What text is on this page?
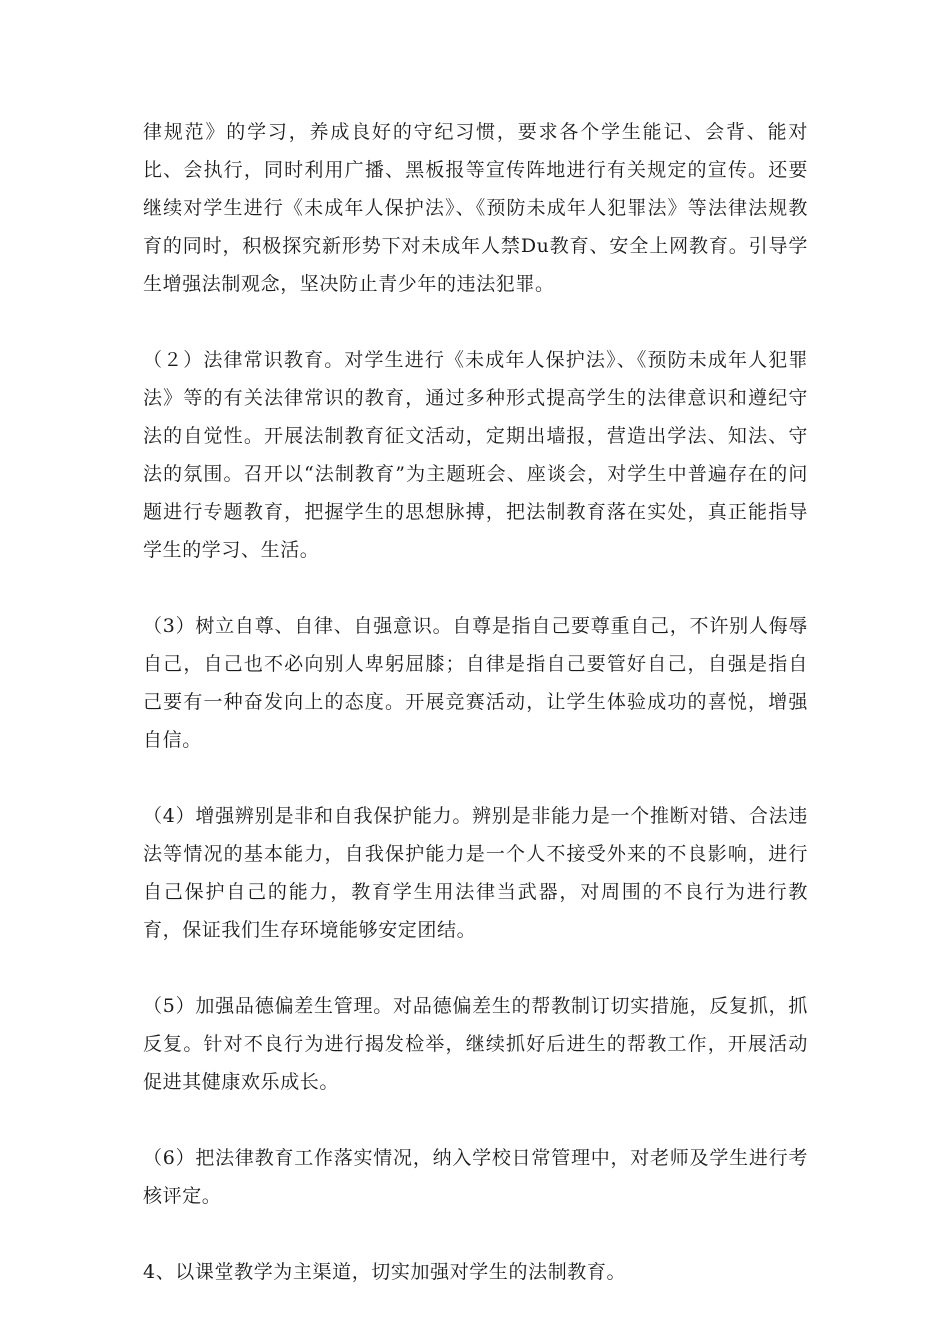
律规范》的学习，养成良好的守纪习惯，要求各个学生能记、会背、能对比、会执行，同时利用广播、黑板报等宣传阵地进行有关规定的宣传。还要继续对学生进行《未成年人保护法》、《预防未成年人犯罪法》等法律法规教育的同时，积极探究新形势下对未成年人禁Du教育、安全上网教育。引导学生增强法制观念，坚决防止青少年的违法犯罪。

（２）法律常识教育。对学生进行《未成年人保护法》、《预防未成年人犯罪法》等的有关法律常识的教育，通过多种形式提高学生的法律意识和遵纪守法的自觉性。开展法制教育征文活动，定期出墙报，营造出学法、知法、守法的氛围。召开以“法制教育”为主题班会、座谈会，对学生中普遍存在的问题进行专题教育，把握学生的思想脉搏，把法制教育落在实处，真正能指导学生的学习、生活。

（3）树立自尊、自律、自强意识。自尊是指自己要尊重自己，不许别人侮辱自己，自己也不必向别人卑躬屈膝；自律是指自己要管好自己，自强是指自己要有一种奋发向上的态度。开展竞赛活动，让学生体验成功的喜悦，增强自信。

（4）增强辨别是非和自我保护能力。辨别是非能力是一个推断对错、合法违法等情况的基本能力，自我保护能力是一个人不接受外来的不良影响，进行自己保护自己的能力，教育学生用法律当武器，对周围的不良行为进行教育，保证我们生存环境能够安定团结。

（5）加强品德偏差生管理。对品德偏差生的帮教制订切实措施，反复抓，抓反复。针对不良行为进行揭发检举，继续抓好后进生的帮教工作，开展活动促进其健康欢乐成长。

（6）把法律教育工作落实情况，纳入学校日常管理中，对老师及学生进行考核评定。

4、以课堂教学为主渠道，切实加强对学生的法制教育。
